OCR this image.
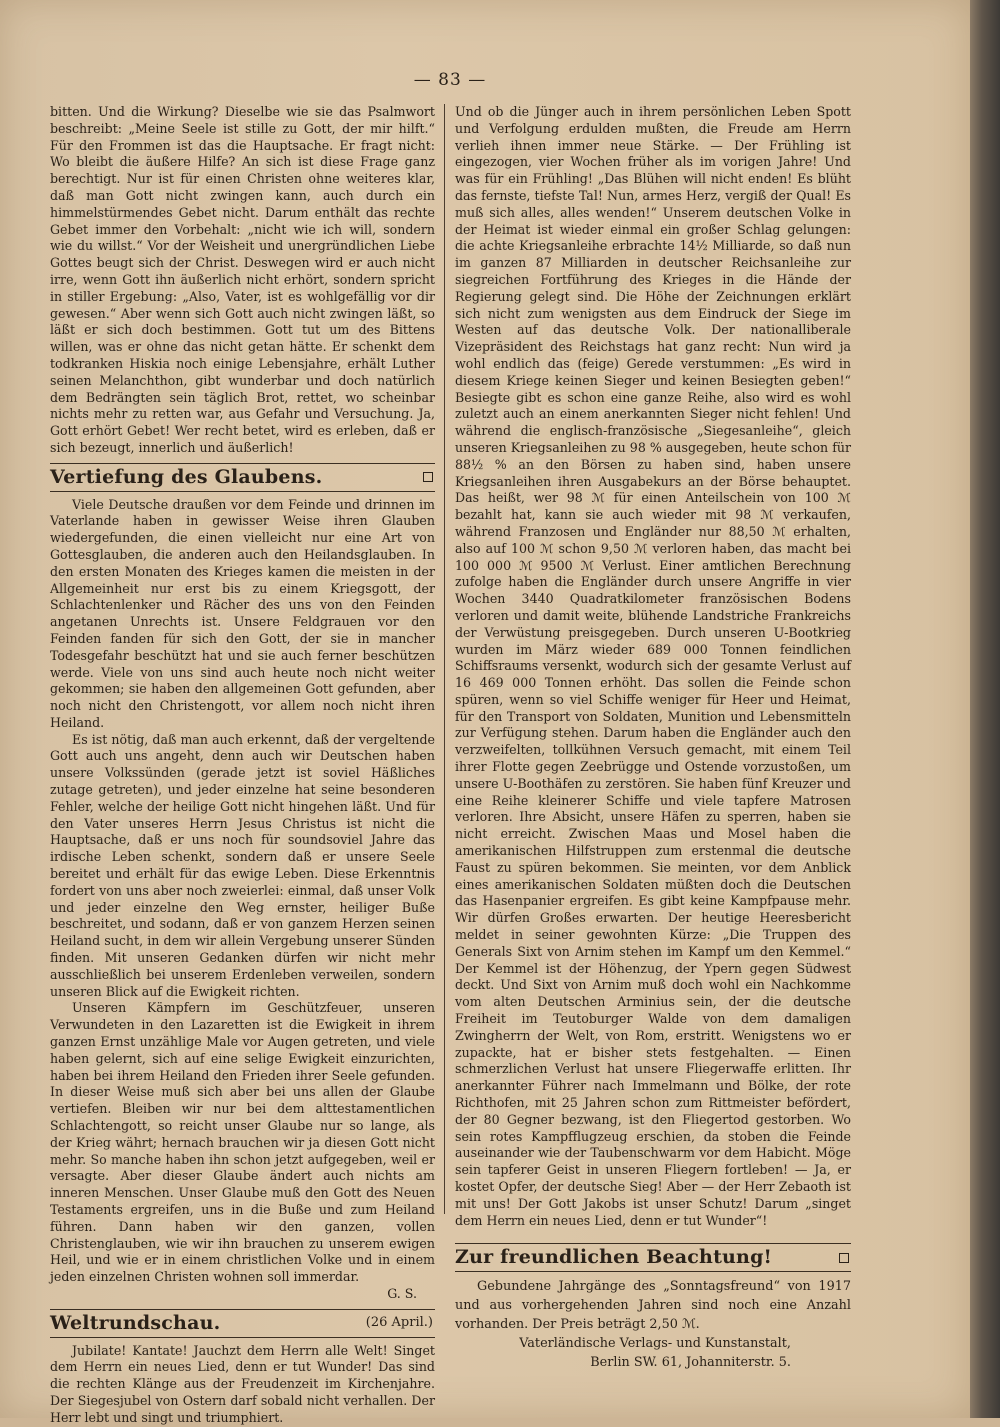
— 83 —

bitten. Und die Wirkung? Dieselbe wie sie das Psalmwort beschreibt: „Meine Seele ist stille zu Gott, der mir hilft.“ Für den Frommen ist das die Hauptsache. Er fragt nicht: Wo bleibt die äußere Hilfe? An sich ist diese Frage ganz berechtigt. Nur ist für einen Christen ohne weiteres klar, daß man Gott nicht zwingen kann, auch durch ein himmelstürmendes Gebet nicht. Darum enthält das rechte Gebet immer den Vorbehalt: „nicht wie ich will, sondern wie du willst.“ Vor der Weisheit und unergründlichen Liebe Gottes beugt sich der Christ. Deswegen wird er auch nicht irre, wenn Gott ihn äußerlich nicht erhört, sondern spricht in stiller Ergebung: „Also, Vater, ist es wohlgefällig vor dir gewesen.“ Aber wenn sich Gott auch nicht zwingen läßt, so läßt er sich doch bestimmen. Gott tut um des Bittens willen, was er ohne das nicht getan hätte. Er schenkt dem todkranken Hiskia noch einige Lebensjahre, erhält Luther seinen Melanchthon, gibt wunderbar und doch natürlich dem Bedrängten sein täglich Brot, rettet, wo scheinbar nichts mehr zu retten war, aus Gefahr und Versuchung. Ja, Gott erhört Gebet! Wer recht betet, wird es erleben, daß er sich bezeugt, innerlich und äußerlich!

Vertiefung des Glaubens.

Viele Deutsche draußen vor dem Feinde und drinnen im Vaterlande haben in gewisser Weise ihren Glauben wiedergefunden, die einen vielleicht nur eine Art von Gottesglauben, die anderen auch den Heilandsglauben. In den ersten Monaten des Krieges kamen die meisten in der Allgemeinheit nur erst bis zu einem Kriegsgott, der Schlachtenlenker und Rächer des uns von den Feinden angetanen Unrechts ist. Unsere Feldgrauen vor den Feinden fanden für sich den Gott, der sie in mancher Todesgefahr beschützt hat und sie auch ferner beschützen werde. Viele von uns sind auch heute noch nicht weiter gekommen; sie haben den allgemeinen Gott gefunden, aber noch nicht den Christengott, vor allem noch nicht ihren Heiland.

Es ist nötig, daß man auch erkennt, daß der vergeltende Gott auch uns angeht, denn auch wir Deutschen haben unsere Volkssünden (gerade jetzt ist soviel Häßliches zutage getreten), und jeder einzelne hat seine besonderen Fehler, welche der heilige Gott nicht hingehen läßt. Und für den Vater unseres Herrn Jesus Christus ist nicht die Hauptsache, daß er uns noch für soundsoviel Jahre das irdische Leben schenkt, sondern daß er unsere Seele bereitet und erhält für das ewige Leben. Diese Erkenntnis fordert von uns aber noch zweierlei: einmal, daß unser Volk und jeder einzelne den Weg ernster, heiliger Buße beschreitet, und sodann, daß er von ganzem Herzen seinen Heiland sucht, in dem wir allein Vergebung unserer Sünden finden. Mit unseren Gedanken dürfen wir nicht mehr ausschließlich bei unserem Erdenleben verweilen, sondern unseren Blick auf die Ewigkeit richten.

Unseren Kämpfern im Geschützfeuer, unseren Verwundeten in den Lazaretten ist die Ewigkeit in ihrem ganzen Ernst unzählige Male vor Augen getreten, und viele haben gelernt, sich auf eine selige Ewigkeit einzurichten, haben bei ihrem Heiland den Frieden ihrer Seele gefunden. In dieser Weise muß sich aber bei uns allen der Glaube vertiefen. Bleiben wir nur bei dem alttestamentlichen Schlachtengott, so reicht unser Glaube nur so lange, als der Krieg währt; hernach brauchen wir ja diesen Gott nicht mehr. So manche haben ihn schon jetzt aufgegeben, weil er versagte. Aber dieser Glaube ändert auch nichts am inneren Menschen. Unser Glaube muß den Gott des Neuen Testaments ergreifen, uns in die Buße und zum Heiland führen. Dann haben wir den ganzen, vollen Christenglauben, wie wir ihn brauchen zu unserem ewigen Heil, und wie er in einem christlichen Volke und in einem jeden einzelnen Christen wohnen soll immerdar.

G. S.

Weltrundschau.	(26 April.)

Jubilate! Kantate! Jauchzt dem Herrn alle Welt! Singet dem Herrn ein neues Lied, denn er tut Wunder! Das sind die rechten Klänge aus der Freudenzeit im Kirchenjahre. Der Siegesjubel von Ostern darf sobald nicht verhallen. Der Herr lebt und singt und triumphiert.

Und ob die Jünger auch in ihrem persönlichen Leben Spott und Verfolgung erdulden mußten, die Freude am Herrn verlieh ihnen immer neue Stärke. — Der Frühling ist eingezogen, vier Wochen früher als im vorigen Jahre! Und was für ein Frühling! „Das Blühen will nicht enden! Es blüht das fernste, tiefste Tal! Nun, armes Herz, vergiß der Qual! Es muß sich alles, alles wenden!“ Unserem deutschen Volke in der Heimat ist wieder einmal ein großer Schlag gelungen: die achte Kriegsanleihe erbrachte 14½ Milliarde, so daß nun im ganzen 87 Milliarden in deutscher Reichsanleihe zur siegreichen Fortführung des Krieges in die Hände der Regierung gelegt sind. Die Höhe der Zeichnungen erklärt sich nicht zum wenigsten aus dem Eindruck der Siege im Westen auf das deutsche Volk. Der nationalliberale Vizepräsident des Reichstags hat ganz recht: Nun wird ja wohl endlich das (feige) Gerede verstummen: „Es wird in diesem Kriege keinen Sieger und keinen Besiegten geben!“ Besiegte gibt es schon eine ganze Reihe, also wird es wohl zuletzt auch an einem anerkannten Sieger nicht fehlen! Und während die englisch-französische „Siegesanleihe“, gleich unseren Kriegsanleihen zu 98 % ausgegeben, heute schon für 88½ % an den Börsen zu haben sind, haben unsere Kriegsanleihen ihren Ausgabekurs an der Börse behauptet. Das heißt, wer 98 ℳ für einen Anteilschein von 100 ℳ bezahlt hat, kann sie auch wieder mit 98 ℳ verkaufen, während Franzosen und Engländer nur 88,50 ℳ erhalten, also auf 100 ℳ schon 9,50 ℳ verloren haben, das macht bei 100 000 ℳ 9500 ℳ Verlust. Einer amtlichen Berechnung zufolge haben die Engländer durch unsere Angriffe in vier Wochen 3440 Quadratkilometer französischen Bodens verloren und damit weite, blühende Landstriche Frankreichs der Verwüstung preisgegeben. Durch unseren U-Bootkrieg wurden im März wieder 689 000 Tonnen feindlichen Schiffsraums versenkt, wodurch sich der gesamte Verlust auf 16 469 000 Tonnen erhöht. Das sollen die Feinde schon spüren, wenn so viel Schiffe weniger für Heer und Heimat, für den Transport von Soldaten, Munition und Lebensmitteln zur Verfügung stehen. Darum haben die Engländer auch den verzweifelten, tollkühnen Versuch gemacht, mit einem Teil ihrer Flotte gegen Zeebrügge und Ostende vorzustoßen, um unsere U-Boothäfen zu zerstören. Sie haben fünf Kreuzer und eine Reihe kleinerer Schiffe und viele tapfere Matrosen verloren. Ihre Absicht, unsere Häfen zu sperren, haben sie nicht erreicht. Zwischen Maas und Mosel haben die amerikanischen Hilfstruppen zum erstenmal die deutsche Faust zu spüren bekommen. Sie meinten, vor dem Anblick eines amerikanischen Soldaten müßten doch die Deutschen das Hasenpanier ergreifen. Es gibt keine Kampfpause mehr. Wir dürfen Großes erwarten. Der heutige Heeresbericht meldet in seiner gewohnten Kürze: „Die Truppen des Generals Sixt von Arnim stehen im Kampf um den Kemmel.“ Der Kemmel ist der Höhenzug, der Ypern gegen Südwest deckt. Und Sixt von Arnim muß doch wohl ein Nachkomme vom alten Deutschen Arminius sein, der die deutsche Freiheit im Teutoburger Walde von dem damaligen Zwingherrn der Welt, von Rom, erstritt. Wenigstens wo er zupackte, hat er bisher stets festgehalten. — Einen schmerzlichen Verlust hat unsere Fliegerwaffe erlitten. Ihr anerkannter Führer nach Immelmann und Bölke, der rote Richthofen, mit 25 Jahren schon zum Rittmeister befördert, der 80 Gegner bezwang, ist den Fliegertod gestorben. Wo sein rotes Kampfflugzeug erschien, da stoben die Feinde auseinander wie der Taubenschwarm vor dem Habicht. Möge sein tapferer Geist in unseren Fliegern fortleben! — Ja, er kostet Opfer, der deutsche Sieg! Aber — der Herr Zebaoth ist mit uns! Der Gott Jakobs ist unser Schutz! Darum „singet dem Herrn ein neues Lied, denn er tut Wunder“!

Zur freundlichen Beachtung!

Gebundene Jahrgänge des „Sonntagsfreund“ von 1917 und aus vorhergehenden Jahren sind noch eine Anzahl vorhanden. Der Preis beträgt 2,50 ℳ.

Vaterländische Verlags- und Kunstanstalt,

Berlin SW. 61, Johanniterstr. 5.
